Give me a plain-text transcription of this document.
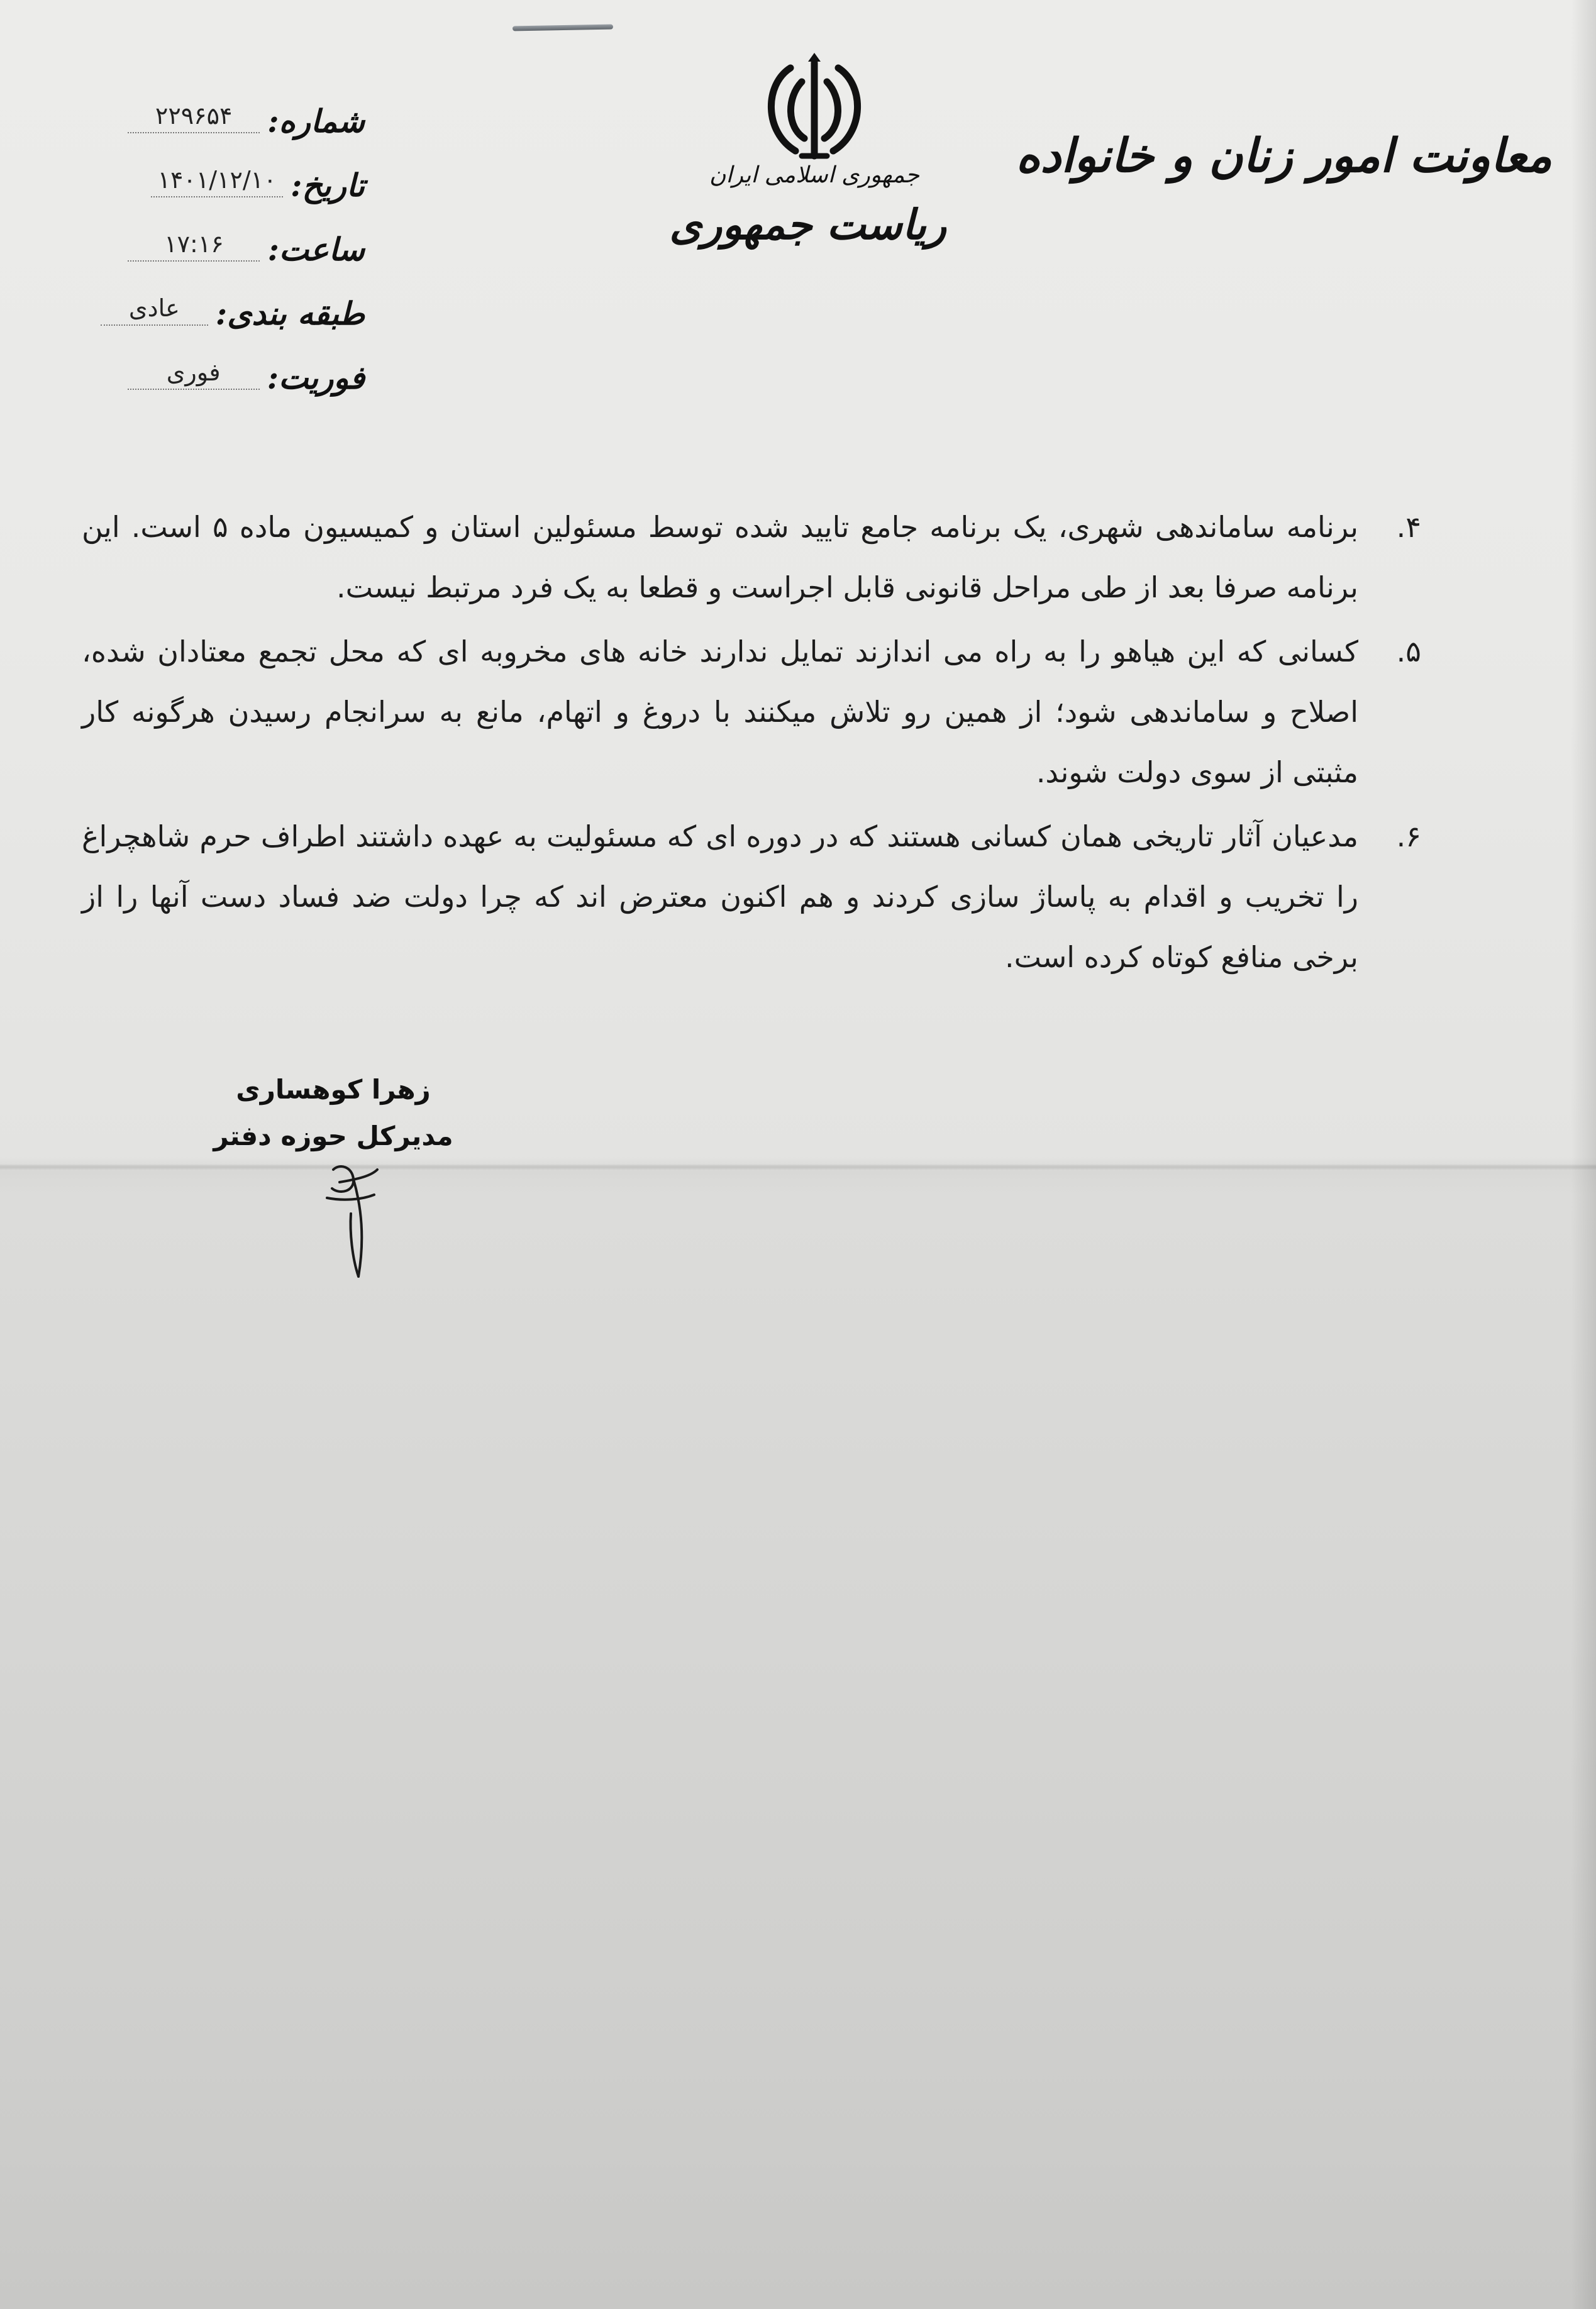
معاونت امور زنان و خانواده
جمهوری اسلامی ایران
ریاست جمهوری
شماره:
۲۲۹۶۵۴
تاریخ:
۱۴۰۱/۱۲/۱۰
ساعت:
۱۷:۱۶
طبقه بندی:
عادی
فوریت:
فوری
۴.
برنامه ساماندهی شهری، یک برنامه جامع تایید شده توسط مسئولین استان و کمیسیون ماده ۵ است. این برنامه صرفا بعد از طی مراحل قانونی قابل اجراست و قطعا به یک فرد مرتبط نیست.
۵.
کسانی که این هیاهو را به راه می اندازند تمایل ندارند خانه های مخروبه ای که محل تجمع معتادان شده، اصلاح و ساماندهی شود؛ از همین رو تلاش میکنند با دروغ و اتهام، مانع به سرانجام رسیدن هرگونه کار مثبتی از سوی دولت شوند.
۶.
مدعیان آثار تاریخی همان کسانی هستند که در دوره ای که مسئولیت به عهده داشتند اطراف حرم شاهچراغ را تخریب و اقدام به پاساژ سازی کردند و هم اکنون معترض اند که چرا دولت ضد فساد دست آنها را از برخی منافع کوتاه کرده است.
زهرا کوهساری
مدیرکل حوزه دفتر
